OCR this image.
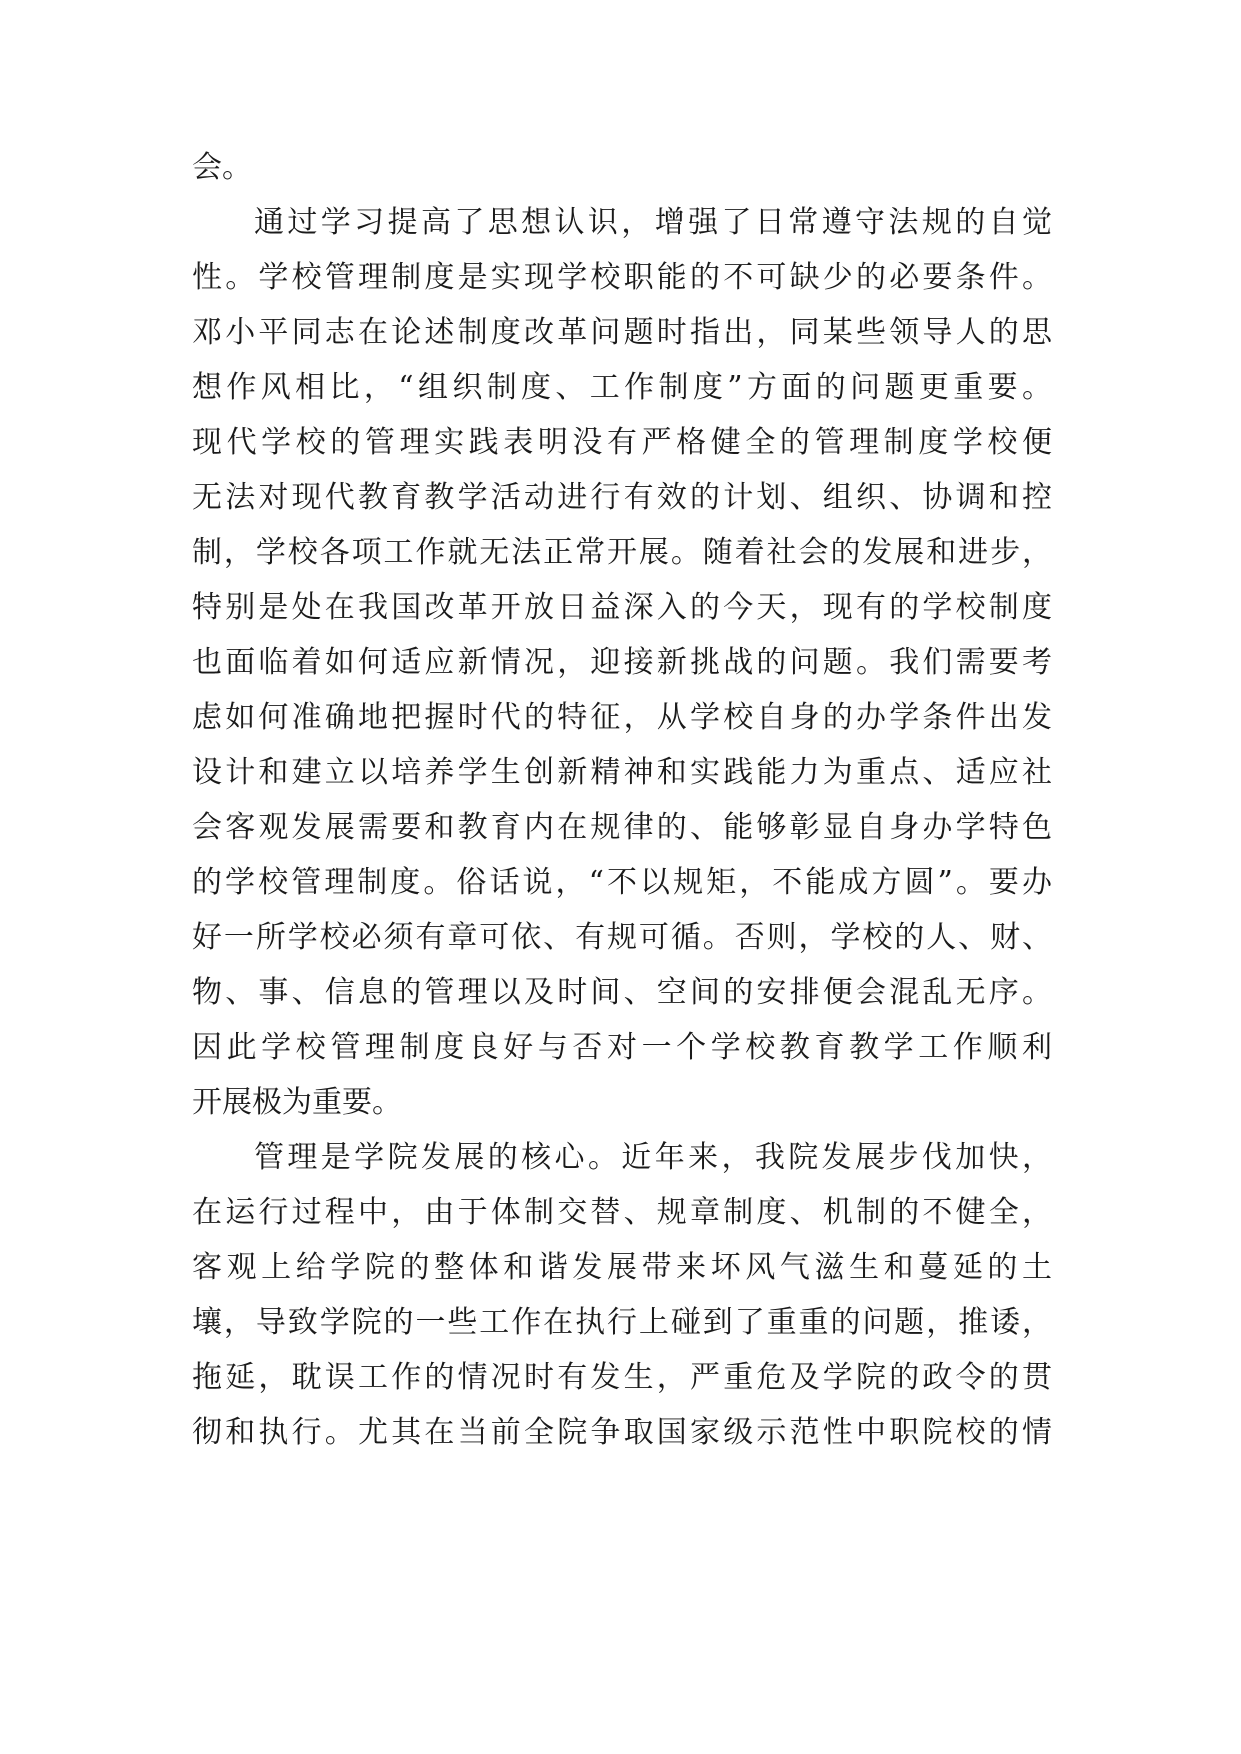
会。
通过学习提高了思想认识，增强了日常遵守法规的自觉
性。学校管理制度是实现学校职能的不可缺少的必要条件。
邓小平同志在论述制度改革问题时指出，同某些领导人的思
想作风相比，“组织制度、工作制度”方面的问题更重要。
现代学校的管理实践表明没有严格健全的管理制度学校便
无法对现代教育教学活动进行有效的计划、组织、协调和控
制，学校各项工作就无法正常开展。随着社会的发展和进步，
特别是处在我国改革开放日益深入的今天，现有的学校制度
也面临着如何适应新情况，迎接新挑战的问题。我们需要考
虑如何准确地把握时代的特征，从学校自身的办学条件出发
设计和建立以培养学生创新精神和实践能力为重点、适应社
会客观发展需要和教育内在规律的、能够彰显自身办学特色
的学校管理制度。俗话说，“不以规矩，不能成方圆”。要办
好一所学校必须有章可依、有规可循。否则，学校的人、财、
物、事、信息的管理以及时间、空间的安排便会混乱无序。
因此学校管理制度良好与否对一个学校教育教学工作顺利
开展极为重要。
管理是学院发展的核心。近年来，我院发展步伐加快，
在运行过程中，由于体制交替、规章制度、机制的不健全，
客观上给学院的整体和谐发展带来坏风气滋生和蔓延的土
壤，导致学院的一些工作在执行上碰到了重重的问题，推诿，
拖延，耽误工作的情况时有发生，严重危及学院的政令的贯
彻和执行。尤其在当前全院争取国家级示范性中职院校的情
